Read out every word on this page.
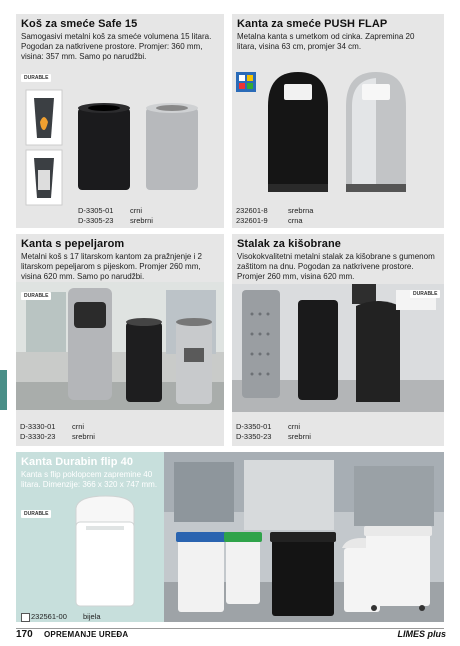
Koš za smeće Safe 15
Samogasivi metalni koš za smeće volumena 15 litara.
Pogodan za natkrivene prostore. Promjer: 360 mm,
visina: 357 mm. Samo po narudžbi.
DURABLE
D-3305-01 crni
D-3305-23 srebrni
Kanta za smeće PUSH FLAP
Metalna kanta s umetkom od cinka. Zapremina 20
litara, visina 63 cm, promjer 34 cm.
232601-8	srebrna
232601-9	crna
Kanta s pepeljarom
Metalni koš s 17 litarskom kantom za pražnjenje i 2
litarskom pepeljarom s pijeskom. Promjer 260 mm,
visina 620 mm. Samo po narudžbi.
DURABLE
D-3330-01 crni
D-3330-23 srebrni
Stalak za kišobrane
Visokokvalitetni metalni stalak za kišobrane s gumenom
zaštitom na dnu. Pogodan za natkrivene prostore.
Promjer 260 mm, visina 620 mm.
DURABLE
D-3350-01 crni
D-3350-23 srebrni
Kanta Durabin flip 40
Kanta s flip poklopcem zapremine 40
litara. Dimenzije: 366 x 320 x 747 mm.
DURABLE
232561-00 bijela
170 OPREMANJE UREĐA	LIMES plus
